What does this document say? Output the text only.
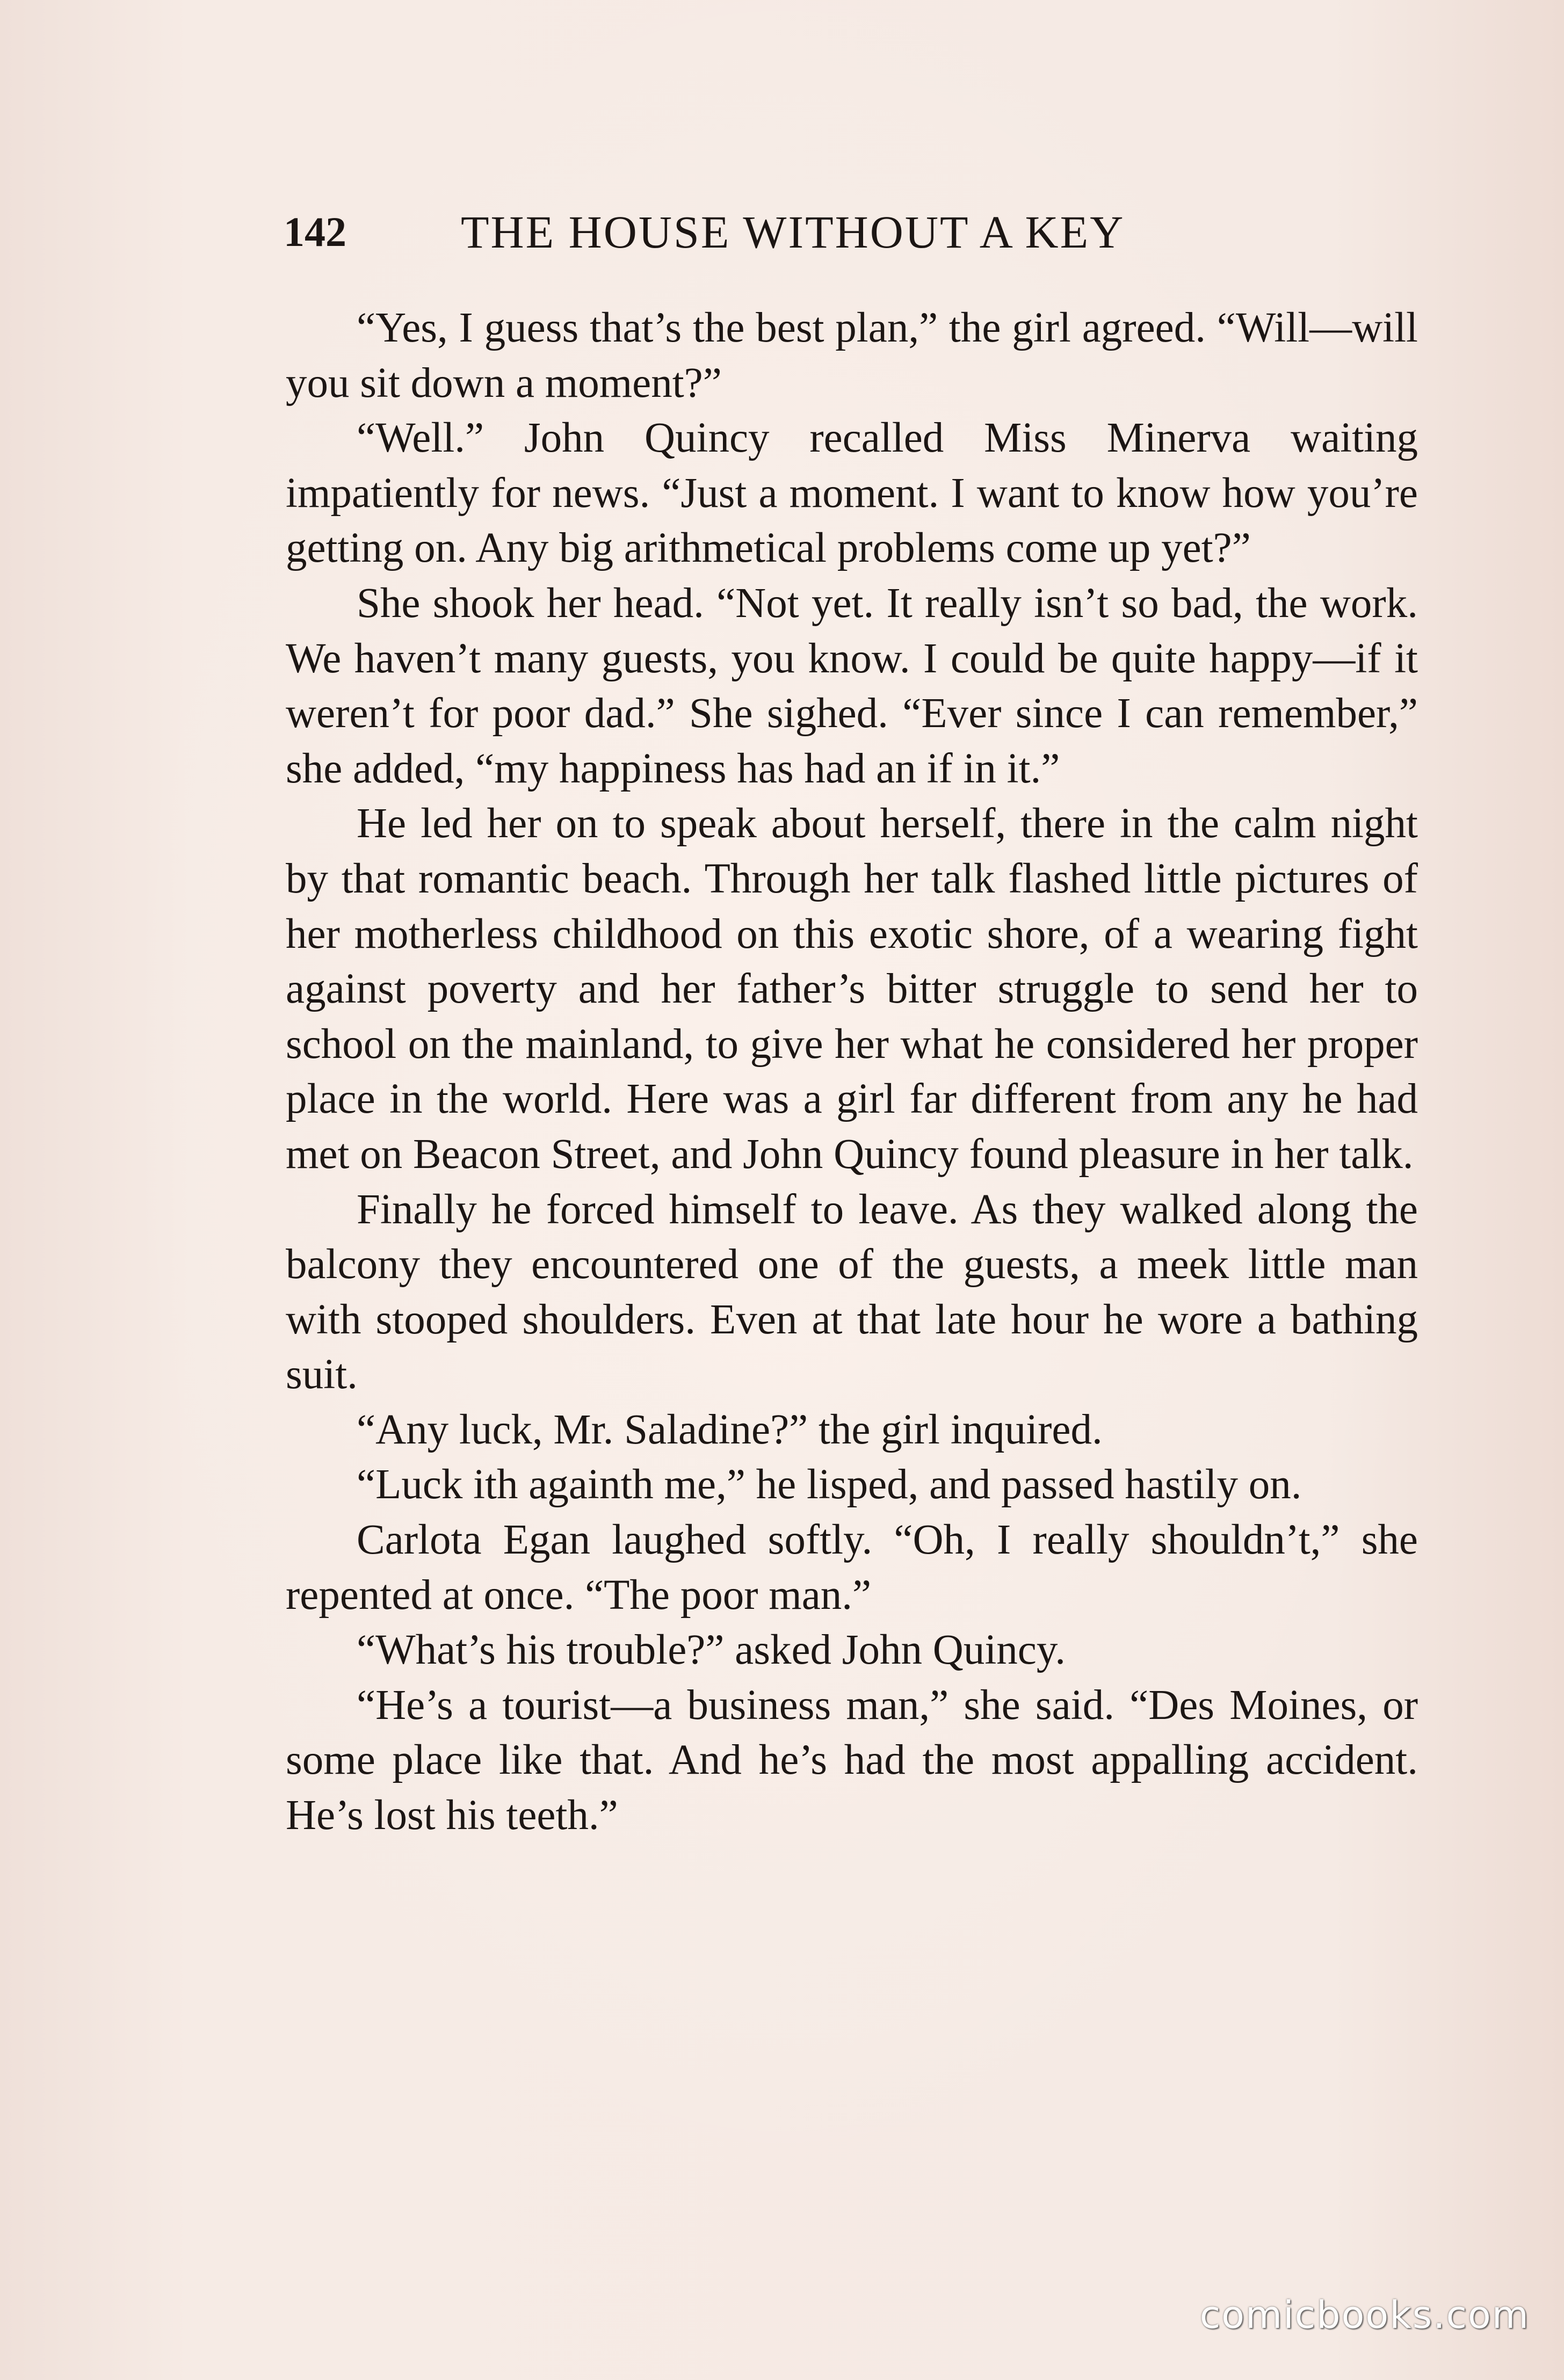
142 THE HOUSE WITHOUT A KEY

“Yes, I guess that’s the best plan,” the girl agreed. “Will—will you sit down a moment?”

“Well.” John Quincy recalled Miss Minerva waiting impatiently for news. “Just a moment. I want to know how you’re getting on. Any big arithmetical problems come up yet?”

She shook her head. “Not yet. It really isn’t so bad, the work. We haven’t many guests, you know. I could be quite happy—if it weren’t for poor dad.” She sighed. “Ever since I can remember,” she added, “my happiness has had an if in it.”

He led her on to speak about herself, there in the calm night by that romantic beach. Through her talk flashed little pictures of her motherless childhood on this exotic shore, of a wearing fight against poverty and her father’s bitter struggle to send her to school on the mainland, to give her what he considered her proper place in the world. Here was a girl far different from any he had met on Beacon Street, and John Quincy found pleasure in her talk.

Finally he forced himself to leave. As they walked along the balcony they encountered one of the guests, a meek little man with stooped shoulders. Even at that late hour he wore a bathing suit.

“Any luck, Mr. Saladine?” the girl inquired.

“Luck ith againth me,” he lisped, and passed hastily on.

Carlota Egan laughed softly. “Oh, I really shouldn’t,” she repented at once. “The poor man.”

“What’s his trouble?” asked John Quincy.

“He’s a tourist—a business man,” she said. “Des Moines, or some place like that. And he’s had the most appalling accident. He’s lost his teeth.”

comicbooks.com
